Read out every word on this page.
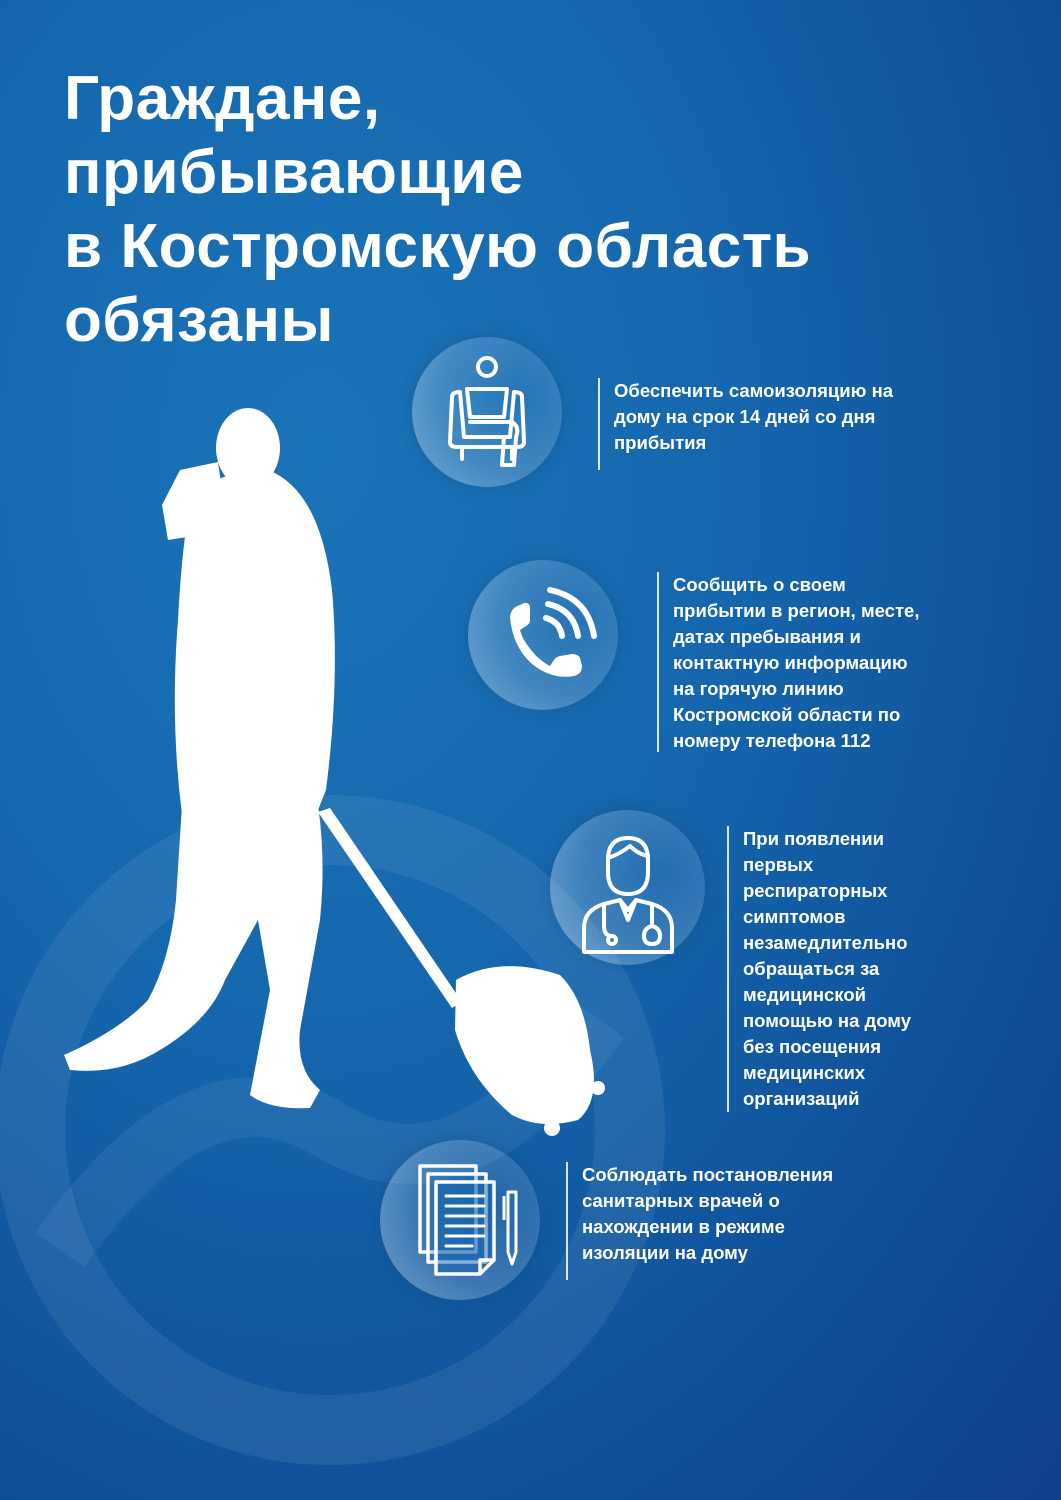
Граждане,
прибывающие
в Костромскую область
обязаны
Обеспечить самоизоляцию на
дому на срок 14 дней со дня
прибытия
Сообщить о своем
прибытии в регион, месте,
датах пребывания и
контактную информацию
на горячую линию
Костромской области по
номеру телефона 112
При появлении
первых
респираторных
симптомов
незамедлительно
обращаться за
медицинской
помощью на дому
без посещения
медицинских
организаций
Соблюдать постановления
санитарных врачей о
нахождении в режиме
изоляции на дому
